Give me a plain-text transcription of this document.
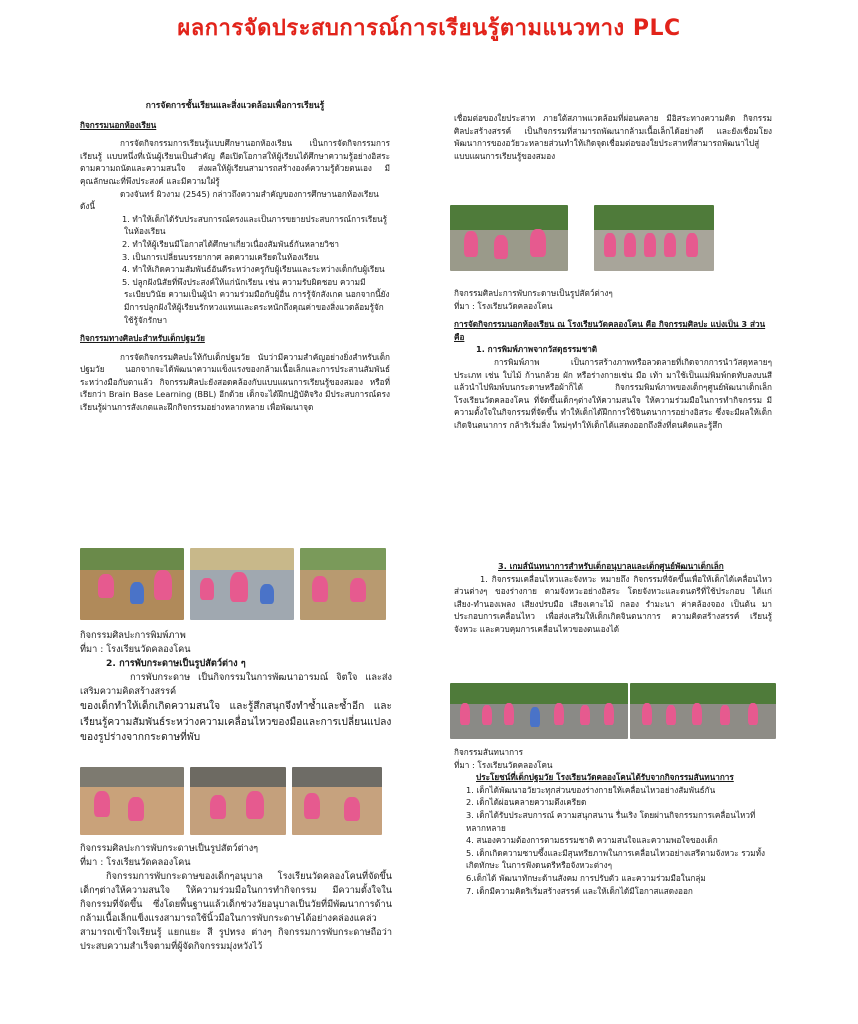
ผลการจัดประสบการณ์การเรียนรู้ตามแนวทาง PLC

การจัดการชั้นเรียนและสิ่งแวดล้อมเพื่อการเรียนรู้

กิจกรรมนอกห้องเรียน

การจัดกิจกรรมการเรียนรู้แบบศึกษานอกห้องเรียน เป็นการจัดกิจกรรมการเรียนรู้ แบบหนึ่งที่เน้นผู้เรียนเป็นสำคัญ คือเปิดโอกาสให้ผู้เรียนได้ศึกษาความรู้อย่างอิสระตามความถนัดและความสนใจ ส่งผลให้ผู้เรียนสามารถสร้างองค์ความรู้ด้วยตนเอง มีคุณลักษณะที่พึงประสงค์ และมีความใฝ่รู้

ดวงจันทร์ ผิวงาม (2545) กล่าวถึงความสำคัญของการศึกษานอกห้องเรียน ดังนี้

1. ทำให้เด็กได้รับประสบการณ์ตรงและเป็นการขยายประสบการณ์การเรียนรู้ในห้องเรียน

2. ทำให้ผู้เรียนมีโอกาสได้ศึกษาเกี่ยวเนื่องสัมพันธ์กันหลายวิชา

3. เป็นการเปลี่ยนบรรยากาศ ลดความเครียดในห้องเรียน

4. ทำให้เกิดความสัมพันธ์อันดีระหว่างครูกับผู้เรียนและระหว่างเด็กกับผู้เรียน

5. ปลูกฝังนิสัยที่พึงประสงค์ให้แก่นักเรียน เช่น ความรับผิดชอบ ความมีระเบียบวินัย ความเป็นผู้นำ ความร่วมมือกับผู้อื่น การรู้จักสังเกต นอกจากนี้ยังมีการปลูกฝังให้ผู้เรียนรักหวงแหนและตระหนักถึงคุณค่าของสิ่งแวดล้อมรู้จักใช้รู้จักรักษา

กิจกรรมทางศิลปะสำหรับเด็กปฐมวัย

การจัดกิจกรรมศิลปะให้กับเด็กปฐมวัย นับว่ามีความสำคัญอย่างยิ่งสำหรับเด็กปฐมวัย นอกจากจะได้พัฒนาความแข็งแรงของกล้ามเนื้อเล็กและการประสานสัมพันธ์ระหว่างมือกับตาแล้ว กิจกรรมศิลปะยังสอดคล้องกับแบบแผนการเรียนรู้ของสมอง หรือที่เรียกว่า Brain Base Learning (BBL) อีกด้วย เด็กจะได้ฝึกปฏิบัติจริง มีประสบการณ์ตรงเรียนรู้ผ่านการสังเกตและฝึกกิจกรรมอย่างหลากหลาย เพื่อพัฒนาจุด

กิจกรรมศิลปะการพิมพ์ภาพ

ที่มา : โรงเรียนวัดคลองโคน

2. การพับกระดาษเป็นรูปสัตว์ต่าง ๆ

การพับกระดาษ เป็นกิจกรรมในการพัฒนาอารมณ์ จิตใจ และส่งเสริมความคิดสร้างสรรค์

ของเด็กทำให้เด็กเกิดความสนใจ และรู้สึกสนุกจึงทำซ้ำและซ้ำอีก และเรียนรู้ความสัมพันธ์ระหว่างความเคลื่อนไหวของมือและการเปลี่ยนแปลงของรูปร่างจากกระดาษที่พับ

กิจกรรมศิลปะการพับกระดาษเป็นรูปสัตว์ต่างๆ

ที่มา : โรงเรียนวัดคลองโคน

กิจกรรมการพับกระดาษของเด็กๆอนุบาล โรงเรียนวัดคลองโคนที่จัดขึ้นเด็กๆต่างให้ความสนใจ ให้ความร่วมมือในการทำกิจกรรม มีความตั้งใจในกิจกรรมที่จัดขึ้น ซึ่งโดยพื้นฐานแล้วเด็กช่วงวัยอนุบาลเป็นวัยที่มีพัฒนาการด้านกล้ามเนื้อเล็กแข็งแรงสามารถใช้นิ้วมือในการพับกระดาษได้อย่างคล่องแคล่ว สามารถเข้าใจเรียนรู้ แยกแยะ สี รูปทรง ต่างๆ กิจกรรมการพับกระดาษถือว่าประสบความสำเร็จตามที่ผู้จัดกิจกรรมมุ่งหวังไว้

เชื่อมต่อของใยประสาท ภายใต้สภาพแวดล้อมที่ผ่อนคลาย มีอิสระทางความคิด กิจกรรมศิลปะสร้างสรรค์ เป็นกิจกรรมที่สามารถพัฒนากล้ามเนื้อเล็กได้อย่างดี และยังเชื่อมโยงพัฒนาการของอวัยวะหลายส่วนทำให้เกิดจุดเชื่อมต่อของใยประสาทที่สามารถพัฒนาไปสู่แบบแผนการเรียนรู้ของสมอง

กิจกรรมศิลปะการพับกระดาษเป็นรูปสัตว์ต่างๆ

ที่มา : โรงเรียนวัดคลองโคน

การจัดกิจกรรมนอกห้องเรียน ณ โรงเรียนวัดคลองโคน คือ กิจกรรมศิลปะ แบ่งเป็น 3 ส่วนคือ

1. การพิมพ์ภาพจากวัสดุธรรมชาติ

การพิมพ์ภาพ เป็นการสร้างภาพหรือลวดลายที่เกิดจากการนำวัสดุหลายๆ ประเภท เช่น ใบไม้ ก้านกล้วย ผัก หรือร่างกายเช่น มือ เท้า มาใช้เป็นแม่พิมพ์กดทับลงบนสีแล้วนำไปพิมพ์บนกระดาษหรือผ้าก็ได้ กิจกรรมพิมพ์ภาพของเด็กๆศูนย์พัฒนาเด็กเล็กโรงเรียนวัดคลองโคน ที่จัดขึ้นเด็กๆต่างให้ความสนใจ ให้ความร่วมมือในการทำกิจกรรม มีความตั้งใจในกิจกรรมที่จัดขึ้น ทำให้เด็กได้ฝึกการใช้จินตนาการอย่างอิสระ ซึ่งจะมีผลให้เด็กเกิดจินตนาการ กล้าริเริ่มสิ่ง ใหม่ๆทำให้เด็กได้แสดงออกถึงสิ่งที่ตนคิดและรู้สึก

3. เกมส์นันทนาการสำหรับเด็กอนุบาลและเด็กศูนย์พัฒนาเด็กเล็ก

1. กิจกรรมเคลื่อนไหวและจังหวะ หมายถึง กิจกรรมที่จัดขึ้นเพื่อให้เด็กได้เคลื่อนไหวส่วนต่างๆ ของร่างกาย ตามจังหวะอย่างอิสระ โดยจังหวะและดนตรีที่ใช้ประกอบ ได้แก่ เสียง-ทำนองเพลง เสียงปรบมือ เสียงเคาะไม้ กลอง รำมะนา ค่าคล้องจอง เป็นต้น มาประกอบการเคลื่อนไหว เพื่อส่งเสริมให้เด็กเกิดจินตนาการ ความคิดสร้างสรรค์ เรียนรู้ จังหวะ และควบคุมการเคลื่อนไหวของตนเองได้

กิจกรรมสันทนาการ

ที่มา : โรงเรียนวัดคลองโคน

ประโยชน์ที่เด็กปฐมวัย โรงเรียนวัดคลองโคนได้รับจากกิจกรรมสันทนาการ

1. เด็กได้พัฒนาอวัยวะทุกส่วนของร่างกายให้เคลื่อนไหวอย่างสัมพันธ์กัน

2. เด็กได้ผ่อนคลายความตึงเครียด

3. เด็กได้รับประสบการณ์ ความสนุกสนาน รื่นเริง โดยผ่านกิจกรรมการเคลื่อนไหวที่หลากหลาย

4. สนองความต้องการตามธรรมชาติ ความสนใจและความพอใจของเด็ก

5. เด็กเกิดความซาบซึ้งและมีสุนทรียภาพในการเคลื่อนไหวอย่างเสรีตามจังหวะ รวมทั้งเกิดทักษะ ในการฟังดนตรีหรือจังหวะต่างๆ

6.เด็กได้ พัฒนาทักษะด้านสังคม การปรับตัว และความร่วมมือในกลุ่ม

7. เด็กมีความคิดริเริ่มสร้างสรรค์ และให้เด็กได้มีโอกาสแสดงออก
